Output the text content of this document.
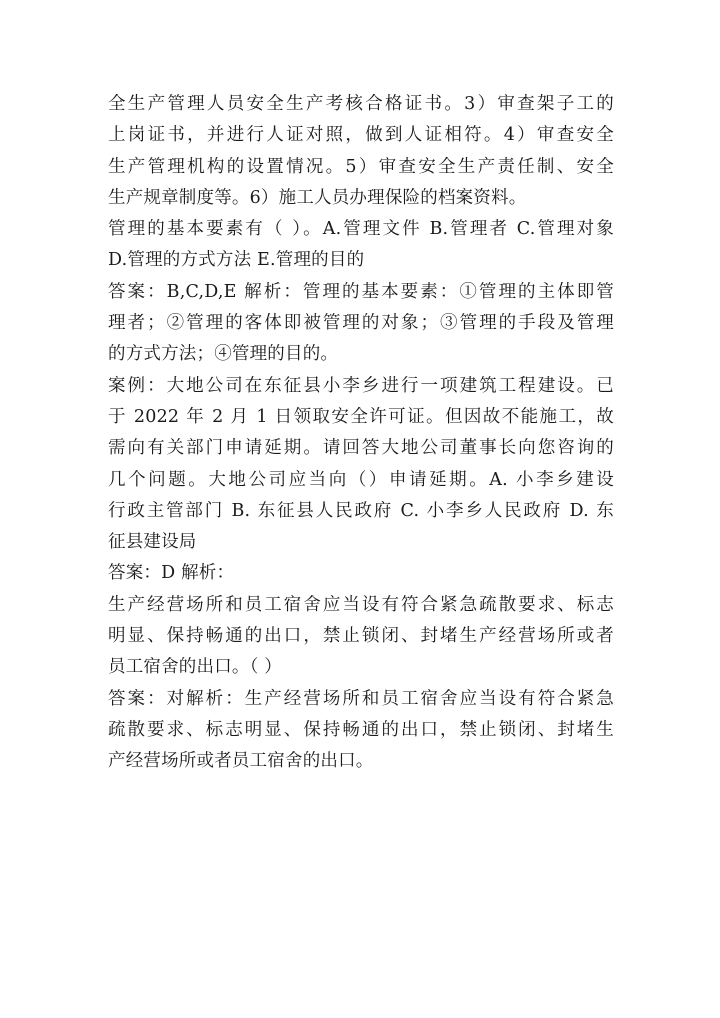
全生产管理人员安全生产考核合格证书。3）审查架子工的
上岗证书，并进行人证对照，做到人证相符。4）审查安全
生产管理机构的设置情况。5）审查安全生产责任制、安全
生产规章制度等。6）施工人员办理保险的档案资料。
管理的基本要素有（ ）。A.管理文件 B.管理者 C.管理对象
D.管理的方式方法 E.管理的目的
答案：B,C,D,E 解析：管理的基本要素：①管理的主体即管
理者；②管理的客体即被管理的对象；③管理的手段及管理
的方式方法；④管理的目的。
案例：大地公司在东征县小李乡进行一项建筑工程建设。已
于 2022 年 2 月 1 日领取安全许可证。但因故不能施工，故
需向有关部门申请延期。请回答大地公司董事长向您咨询的
几个问题。大地公司应当向（）申请延期。A. 小李乡建设
行政主管部门 B. 东征县人民政府 C. 小李乡人民政府 D. 东
征县建设局
答案：D 解析：
生产经营场所和员工宿舍应当设有符合紧急疏散要求、标志
明显、保持畅通的出口，禁止锁闭、封堵生产经营场所或者
员工宿舍的出口。（ ）
答案：对解析：生产经营场所和员工宿舍应当设有符合紧急
疏散要求、标志明显、保持畅通的出口，禁止锁闭、封堵生
产经营场所或者员工宿舍的出口。
